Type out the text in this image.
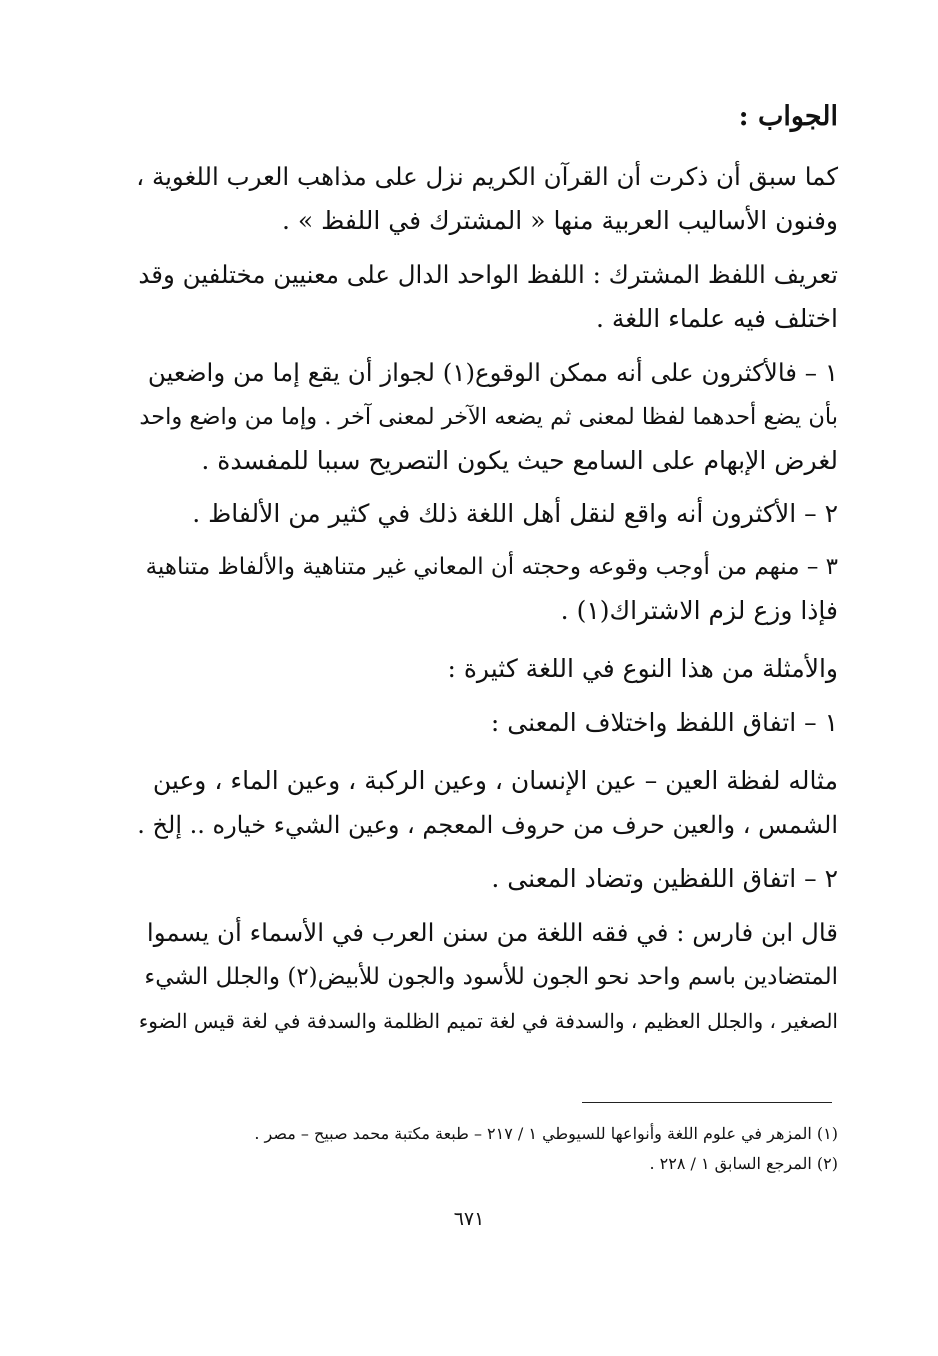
الجواب :
كما سبق أن ذكرت أن القرآن الكريم نزل على مذاهب العرب اللغوية ،
وفنون الأساليب العربية منها « المشترك في اللفظ » .
تعريف اللفظ المشترك : اللفظ الواحد الدال على معنيين مختلفين وقد
اختلف فيه علماء اللغة .
١ – فالأكثرون على أنه ممكن الوقوع(١) لجواز أن يقع إما من واضعين
بأن يضع أحدهما لفظا لمعنى ثم يضعه الآخر لمعنى آخر . وإما من واضع واحد
لغرض الإبهام على السامع حيث يكون التصريح سببا للمفسدة .
٢ – الأكثرون أنه واقع لنقل أهل اللغة ذلك في كثير من الألفاظ .
٣ – منهم من أوجب وقوعه وحجته أن المعاني غير متناهية والألفاظ متناهية
فإذا وزع لزم الاشتراك(١) .
والأمثلة من هذا النوع في اللغة كثيرة :
١ – اتفاق اللفظ واختلاف المعنى :
مثاله لفظة العين – عين الإنسان ، وعين الركبة ، وعين الماء ، وعين
الشمس ، والعين حرف من حروف المعجم ، وعين الشيء خياره .. إلخ .
٢ – اتفاق اللفظين وتضاد المعنى .
قال ابن فارس : في فقه اللغة من سنن العرب في الأسماء أن يسموا
المتضادين باسم واحد نحو الجون للأسود والجون للأبيض(٢) والجلل الشيء
الصغير ، والجلل العظيم ، والسدفة في لغة تميم الظلمة والسدفة في لغة قيس الضوء
(١) المزهر في علوم اللغة وأنواعها للسيوطي ١ / ٢١٧ – طبعة مكتبة محمد صبيح – مصر .
(٢) المرجع السابق ١ / ٢٢٨ .
٦٧١
